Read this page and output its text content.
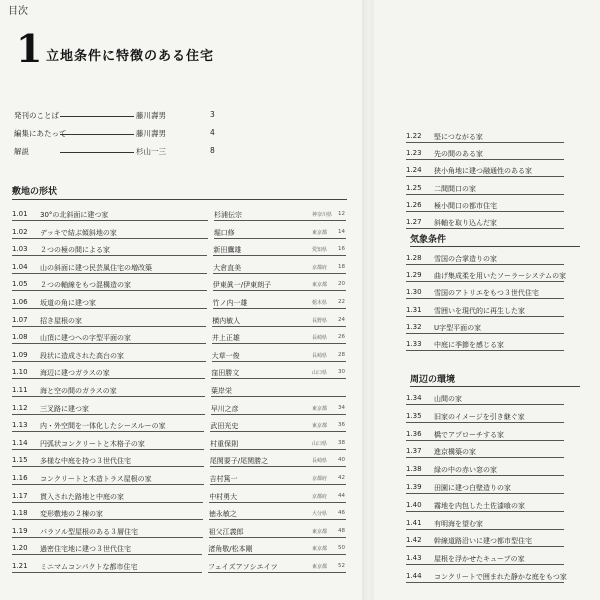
目次
1 立地条件に特徴のある住宅
発刊のことば	藤川壽男	3
編集にあたって	藤川壽男	4
解説	杉山一三	8
敷地の形状
1.01	30°の北斜面に建つ家	杉浦伝宗	神奈川県 12
1.02	デッキで結ぶ傾斜地の家	堀口修	東京都 14
1.03	２つの極の間による家	新田鷹雄	愛知県 16
1.04	山の斜面に建つ民芸風住宅の増改築	大倉直美	京都府 18
1.05	２つの軸線をもつ混構造の家	伊東眞一/伊東朗子	東京都 20
1.06	坂道の角に建つ家	竹ノ内一雄	栃木県 22
1.07	招き屋根の家	横内敏人	長野県 24
1.08	山頂に建つへの字型平面の家	井上正雄	長崎県 26
1.09	段状に造成された高台の家	大草一俊	長崎県 28
1.10	海辺に建つガラスの家	窪田勝文	山口県 30
1.11	海と空の間のガラスの家	葉岸栄
1.12	三叉路に建つ家	早川之彦	東京都 34
1.13	内・外空間を一体化したシースルーの家	武田光史	東京都 36
1.14	円弧状コンクリートと木格子の家	村重保則	山口県 38
1.15	多様な中庭を持つ３世代住宅	尾関要子/尾関勝之	長崎県 40
1.16	コンクリートと木造トラス屋根の家	吉村篤一	京都府 42
1.17	貫入された路地と中庭の家	中村勇大	京都府 44
1.18	変形敷地の２棟の家	徳永敏之	大分県 46
1.19	パラソル型屋根のある３層住宅	祖父江義郎	東京都 48
1.20	過密住宅地に建つ３世代住宅	渚角敬/松本剛	東京都 50
1.21	ミニマムコンパクトな都市住宅	フェイズアソシエイツ	東京都 52
1.22	堅につながる家
1.23	先の間のある家
1.24	狭小角地に建つ融通性のある家
1.25	二間間口の家
1.26	極小間口の都市住宅
1.27	斜軸を取り込んだ家
気象条件
1.28	雪国の合掌造りの家
1.29	曲げ集成柔を用いたソーラーシステムの家
1.30	雪国のアトリエをもつ３世代住宅
1.31	雪囲いを現代的に再生した家
1.32	U字型平面の家
1.33	中庭に季節を感じる家
周辺の環境
1.34	山間の家
1.35	旧家のイメージを引き継ぐ家
1.36	橋でアプローチする家
1.37	進京構築の家
1.38	緑の中の赤い窓の家
1.39	田園に建つ白壁造りの家
1.40	霧地を内包した土佐漆喰の家
1.41	有明海を望む家
1.42	幹線道路沿いに建つ都市型住宅
1.43	屋根を浮かせたキューブの家
1.44	コンクリートで囲まれた静かな庭をもつ家
